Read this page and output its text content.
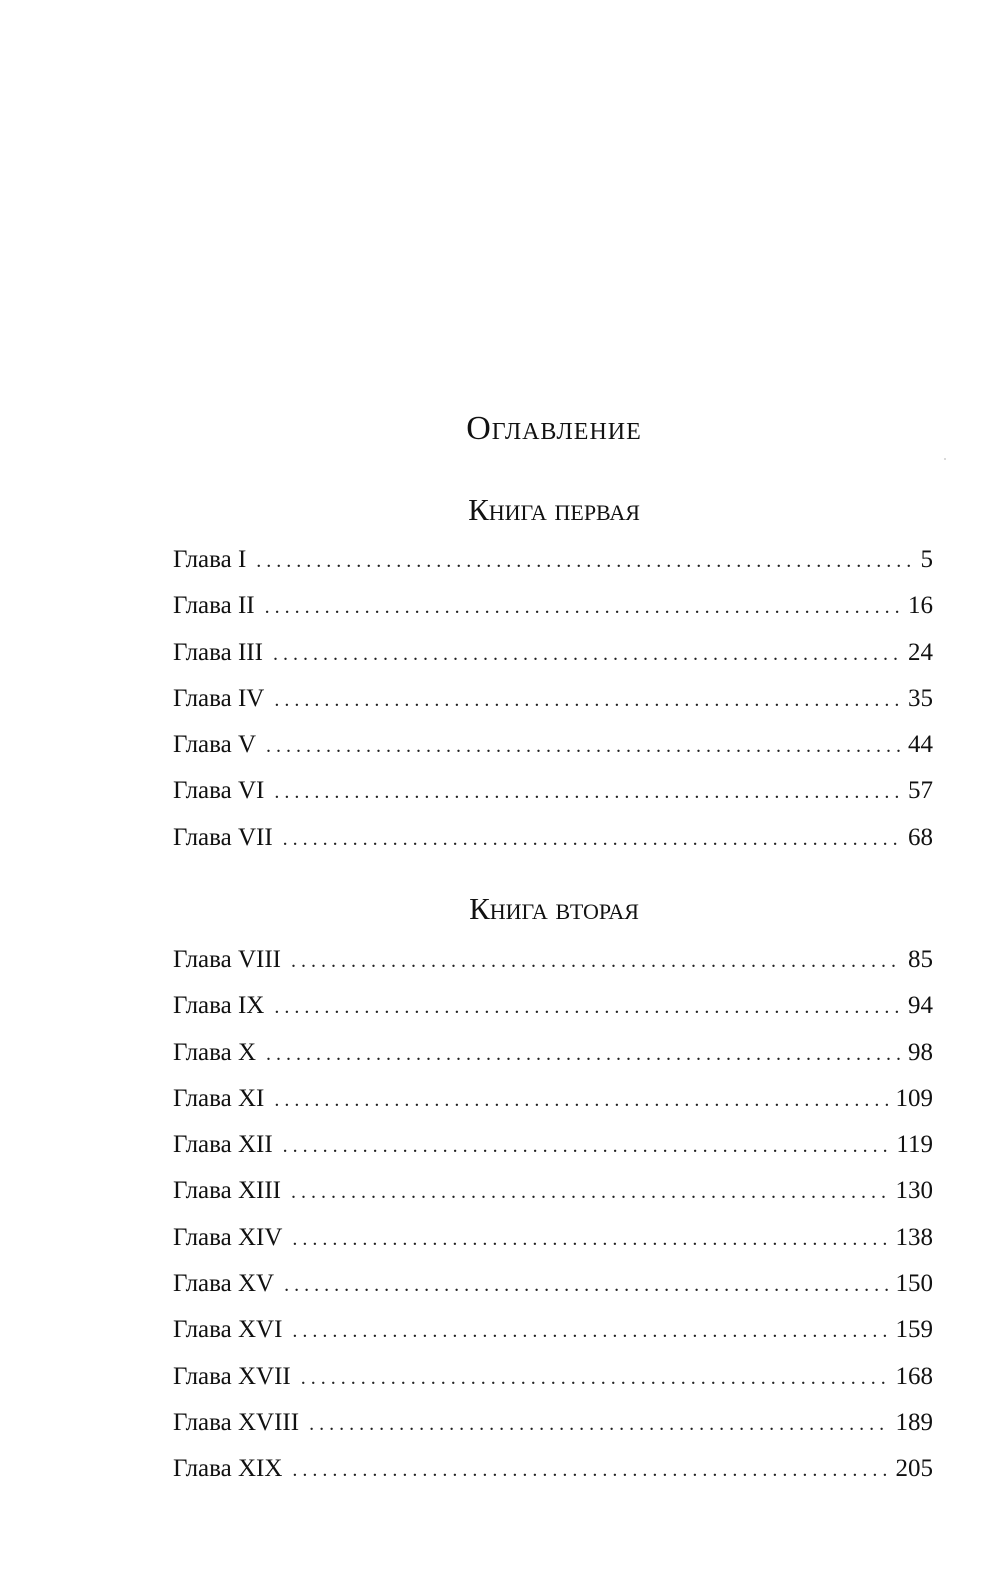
Оглавление
Книга первая
Глава I . . .	5
Глава II . . .	16
Глава III . . .	24
Глава IV . . .	35
Глава V . . .	44
Глава VI . . .	57
Глава VII . . .	68
Книга вторая
Глава VIII . . .	85
Глава IX . . .	94
Глава X . . .	98
Глава XI . . .	109
Глава XII . . .	119
Глава XIII . . .	130
Глава XIV . . .	138
Глава XV . . .	150
Глава XVI . . .	159
Глава XVII . . .	168
Глава XVIII . . .	189
Глава XIX . . .	205
